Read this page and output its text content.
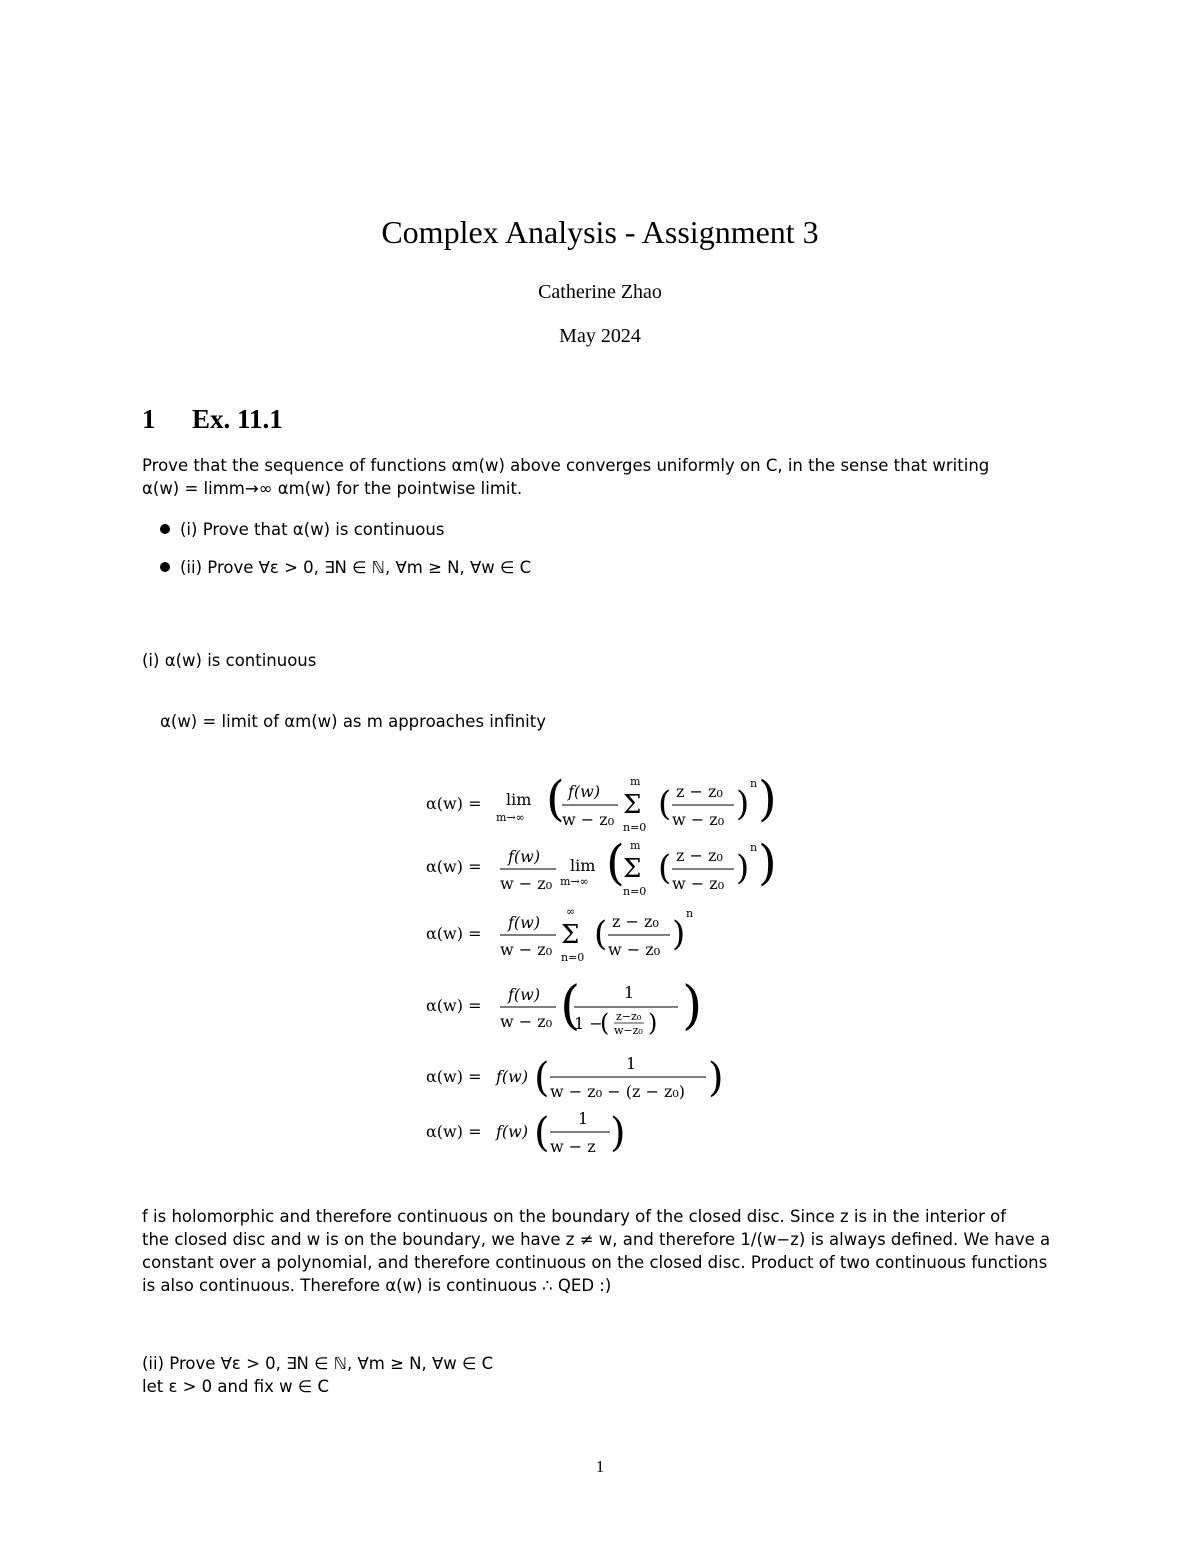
Complex Analysis - Assignment 3
Catherine Zhao
May 2024
1 Ex. 11.1
Prove that the sequence of functions αm(w) above converges uniformly on C, in the sense that writing
α(w) = limm→∞ αm(w) for the pointwise limit.
(i) Prove that α(w) is continuous
(ii) Prove ∀ε > 0, ∃N ∈ ℕ, ∀m ≥ N, ∀w ∈ C
(i) α(w) is continuous
α(w) = limit of αm(w) as m approaches infinity
α(w) = lim
m→∞ ( f(w)
w − z₀ Σ
m
n=0
( z − z₀
w − z₀ )
n )
α(w) =
f(w)
w − z₀
lim
m→∞ (
Σ
m
n=0
( z − z₀
w − z₀ )
n )
α(w) =
f(w)
w − z₀ Σ
∞
n=0
( z − z₀
w − z₀ )
n
α(w) =
f(w)
w − z₀ (	1
1 −
( z−z₀
w−z₀ ) )
α(w) = f(w) (	1
w − z₀ − (z − z₀) )
α(w) = f(w) ( 1
w − z )
f is holomorphic and therefore continuous on the boundary of the closed disc. Since z is in the interior of
the closed disc and w is on the boundary, we have z ≠ w, and therefore 1/(w−z) is always defined. We have a
constant over a polynomial, and therefore continuous on the closed disc. Product of two continuous functions
is also continuous. Therefore α(w) is continuous ∴ QED :)
(ii) Prove ∀ε > 0, ∃N ∈ ℕ, ∀m ≥ N, ∀w ∈ C
let ε > 0 and fix w ∈ C
1
